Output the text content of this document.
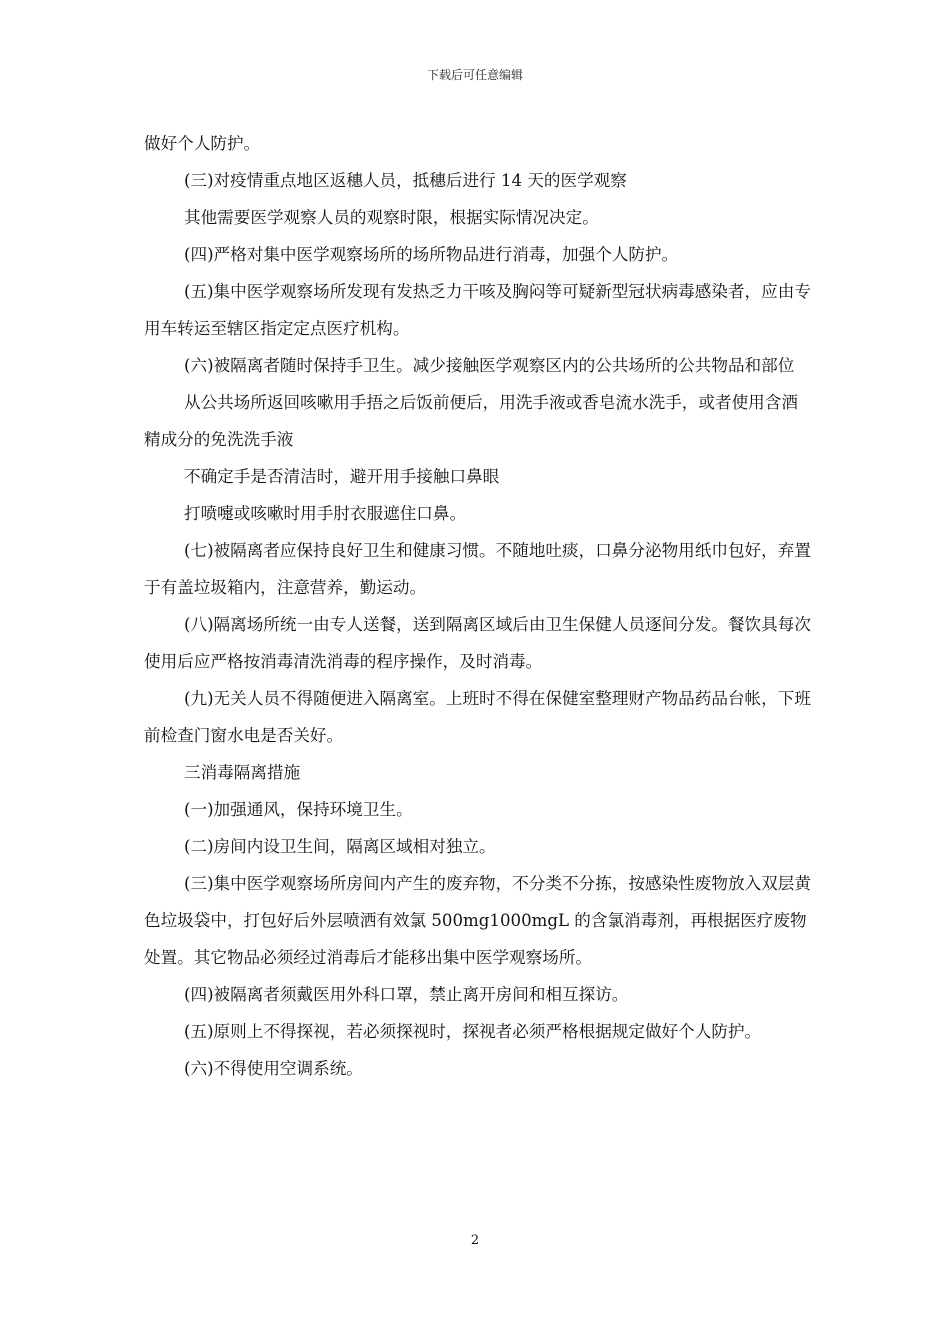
下载后可任意编辑

做好个人防护。

(三)对疫情重点地区返穗人员，抵穗后进行 14 天的医学观察

其他需要医学观察人员的观察时限，根据实际情况决定。

(四)严格对集中医学观察场所的场所物品进行消毒，加强个人防护。

(五)集中医学观察场所发现有发热乏力干咳及胸闷等可疑新型冠状病毒感染者，应由专用车转运至辖区指定定点医疗机构。

(六)被隔离者随时保持手卫生。减少接触医学观察区内的公共场所的公共物品和部位

从公共场所返回咳嗽用手捂之后饭前便后，用洗手液或香皂流水洗手，或者使用含酒精成分的免洗洗手液

不确定手是否清洁时，避开用手接触口鼻眼

打喷嚏或咳嗽时用手肘衣服遮住口鼻。

(七)被隔离者应保持良好卫生和健康习惯。不随地吐痰，口鼻分泌物用纸巾包好，弃置于有盖垃圾箱内，注意营养，勤运动。

(八)隔离场所统一由专人送餐，送到隔离区域后由卫生保健人员逐间分发。餐饮具每次使用后应严格按消毒清洗消毒的程序操作，及时消毒。

(九)无关人员不得随便进入隔离室。上班时不得在保健室整理财产物品药品台帐，下班前检查门窗水电是否关好。

三消毒隔离措施

(一)加强通风，保持环境卫生。

(二)房间内设卫生间，隔离区域相对独立。

(三)集中医学观察场所房间内产生的废弃物，不分类不分拣，按感染性废物放入双层黄色垃圾袋中，打包好后外层喷洒有效氯 500mg1000mgL 的含氯消毒剂，再根据医疗废物处置。其它物品必须经过消毒后才能移出集中医学观察场所。

(四)被隔离者须戴医用外科口罩，禁止离开房间和相互探访。

(五)原则上不得探视，若必须探视时，探视者必须严格根据规定做好个人防护。

(六)不得使用空调系统。

2
